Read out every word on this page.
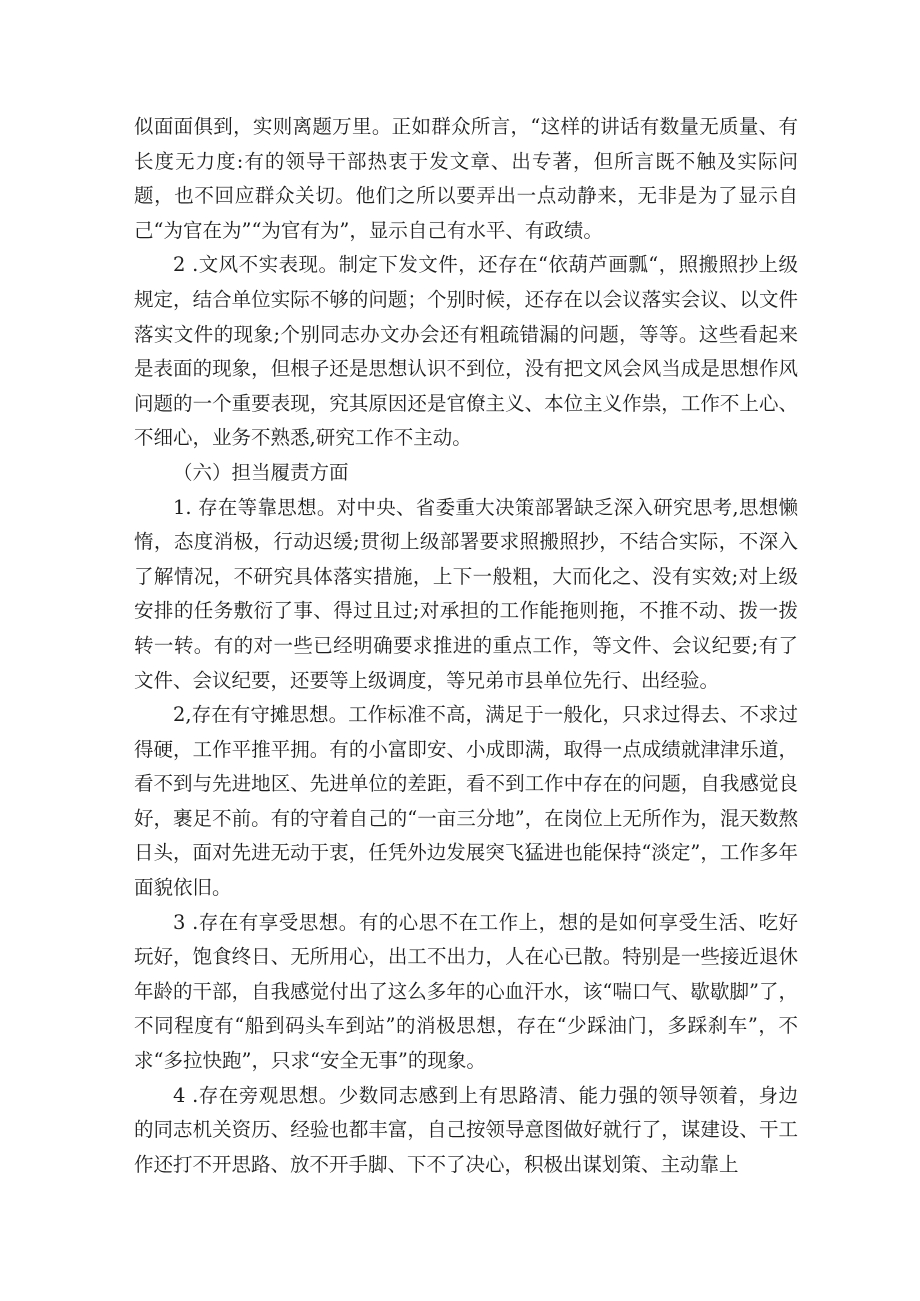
似面面俱到，实则离题万里。正如群众所言，“这样的讲话有数量无质量、有长度无力度:有的领导干部热衷于发文章、出专著，但所言既不触及实际问题，也不回应群众关切。他们之所以要弄出一点动静来，无非是为了显示自己“为官在为”“为官有为”，显示自己有水平、有政绩。

2 .文风不实表现。制定下发文件，还存在“依葫芦画瓢“，照搬照抄上级规定，结合单位实际不够的问题；个别时候，还存在以会议落实会议、以文件落实文件的现象;个别同志办文办会还有粗疏错漏的问题，等等。这些看起来是表面的现象，但根子还是思想认识不到位，没有把文风会风当成是思想作风问题的一个重要表现，究其原因还是官僚主义、本位主义作祟，工作不上心、不细心，业务不熟悉,研究工作不主动。

（六）担当履责方面

1. 存在等靠思想。对中央、省委重大决策部署缺乏深入研究思考,思想懒惰，态度消极，行动迟缓;贯彻上级部署要求照搬照抄，不结合实际，不深入了解情况，不研究具体落实措施，上下一般粗，大而化之、没有实效;对上级安排的任务敷衍了事、得过且过;对承担的工作能拖则拖，不推不动、拨一拨转一转。有的对一些已经明确要求推进的重点工作，等文件、会议纪要;有了文件、会议纪要，还要等上级调度，等兄弟市县单位先行、出经验。

2,存在有守摊思想。工作标准不高，满足于一般化，只求过得去、不求过得硬，工作平推平拥。有的小富即安、小成即满，取得一点成绩就津津乐道，看不到与先进地区、先进单位的差距，看不到工作中存在的问题，自我感觉良好，裹足不前。有的守着自己的“一亩三分地”，在岗位上无所作为，混天数熬日头，面对先进无动于衷，任凭外边发展突飞猛进也能保持“淡定”，工作多年面貌依旧。

3 .存在有享受思想。有的心思不在工作上，想的是如何享受生活、吃好玩好，饱食终日、无所用心，出工不出力，人在心已散。特别是一些接近退休年龄的干部，自我感觉付出了这么多年的心血汗水，该“喘口气、歇歇脚”了，不同程度有“船到码头车到站”的消极思想，存在“少踩油门，多踩刹车”，不求“多拉快跑”，只求“安全无事”的现象。

4 .存在旁观思想。少数同志感到上有思路清、能力强的领导领着，身边的同志机关资历、经验也都丰富，自己按领导意图做好就行了，谋建设、干工作还打不开思路、放不开手脚、下不了决心，积极出谋划策、主动靠上
